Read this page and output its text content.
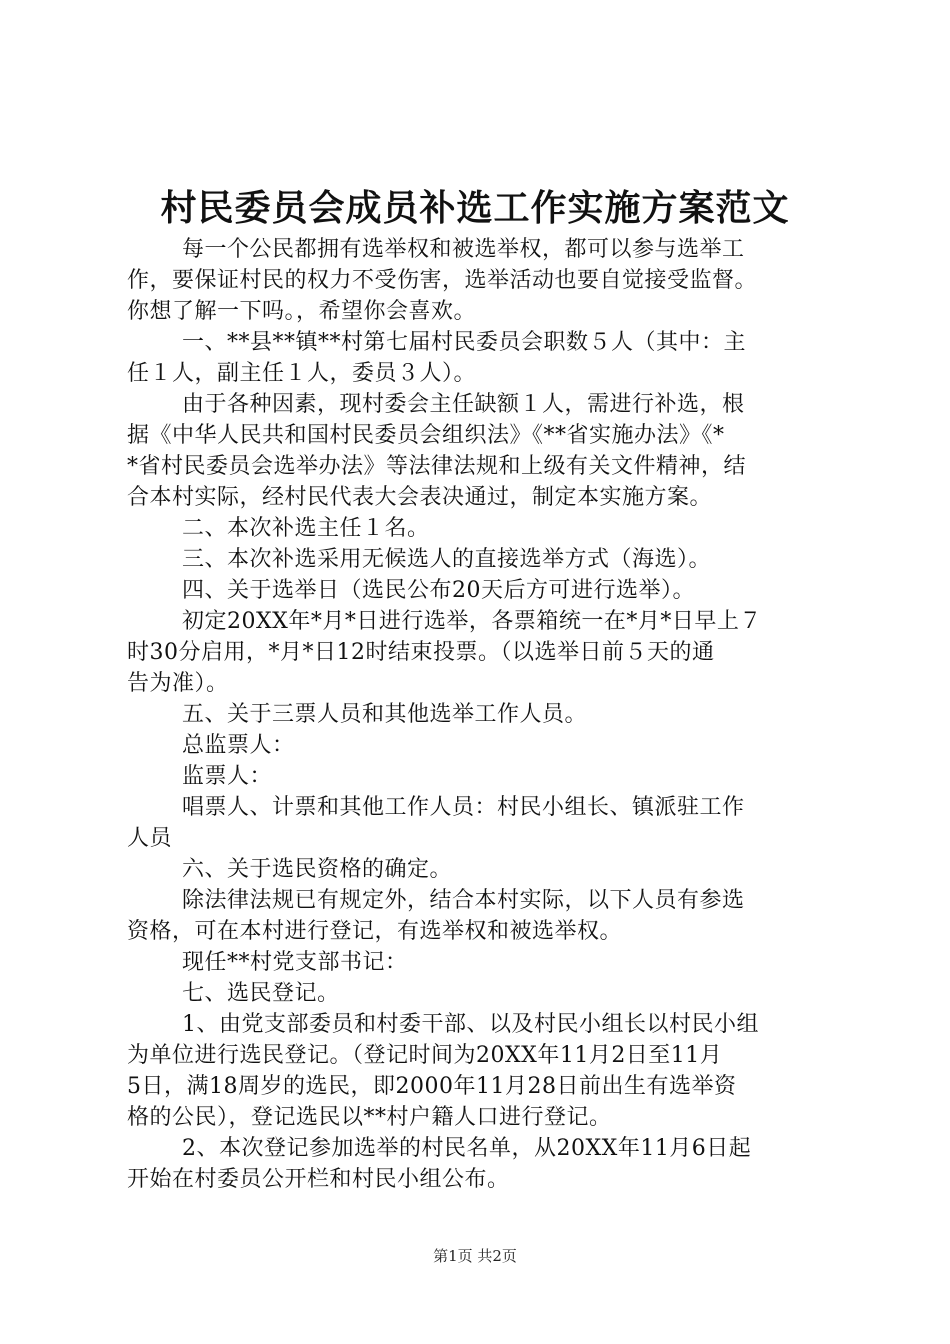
村民委员会成员补选工作实施方案范文
每一个公民都拥有选举权和被选举权，都可以参与选举工
作，要保证村民的权力不受伤害，选举活动也要自觉接受监督。
你想了解一下吗。，希望你会喜欢。
一、**县**镇**村第七届村民委员会职数５人（其中：主
任１人，副主任１人，委员３人）。
由于各种因素，现村委会主任缺额１人，需进行补选，根
据《中华人民共和国村民委员会组织法》《**省实施办法》《*
*省村民委员会选举办法》等法律法规和上级有关文件精神，结
合本村实际，经村民代表大会表决通过，制定本实施方案。
二、本次补选主任１名。
三、本次补选采用无候选人的直接选举方式（海选）。
四、关于选举日（选民公布20天后方可进行选举）。
初定20XX年*月*日进行选举，各票箱统一在*月*日早上７
时30分启用，*月*日12时结束投票。（以选举日前５天的通
告为准）。
五、关于三票人员和其他选举工作人员。
总监票人：
监票人：
唱票人、计票和其他工作人员：村民小组长、镇派驻工作
人员
六、关于选民资格的确定。
除法律法规已有规定外，结合本村实际，以下人员有参选
资格，可在本村进行登记，有选举权和被选举权。
现任**村党支部书记：
七、选民登记。
1、由党支部委员和村委干部、以及村民小组长以村民小组
为单位进行选民登记。（登记时间为20XX年11月2日至11月
5日，满18周岁的选民，即2000年11月28日前出生有选举资
格的公民），登记选民以**村户籍人口进行登记。
2、本次登记参加选举的村民名单，从20XX年11月6日起
开始在村委员公开栏和村民小组公布。
第1页 共2页
